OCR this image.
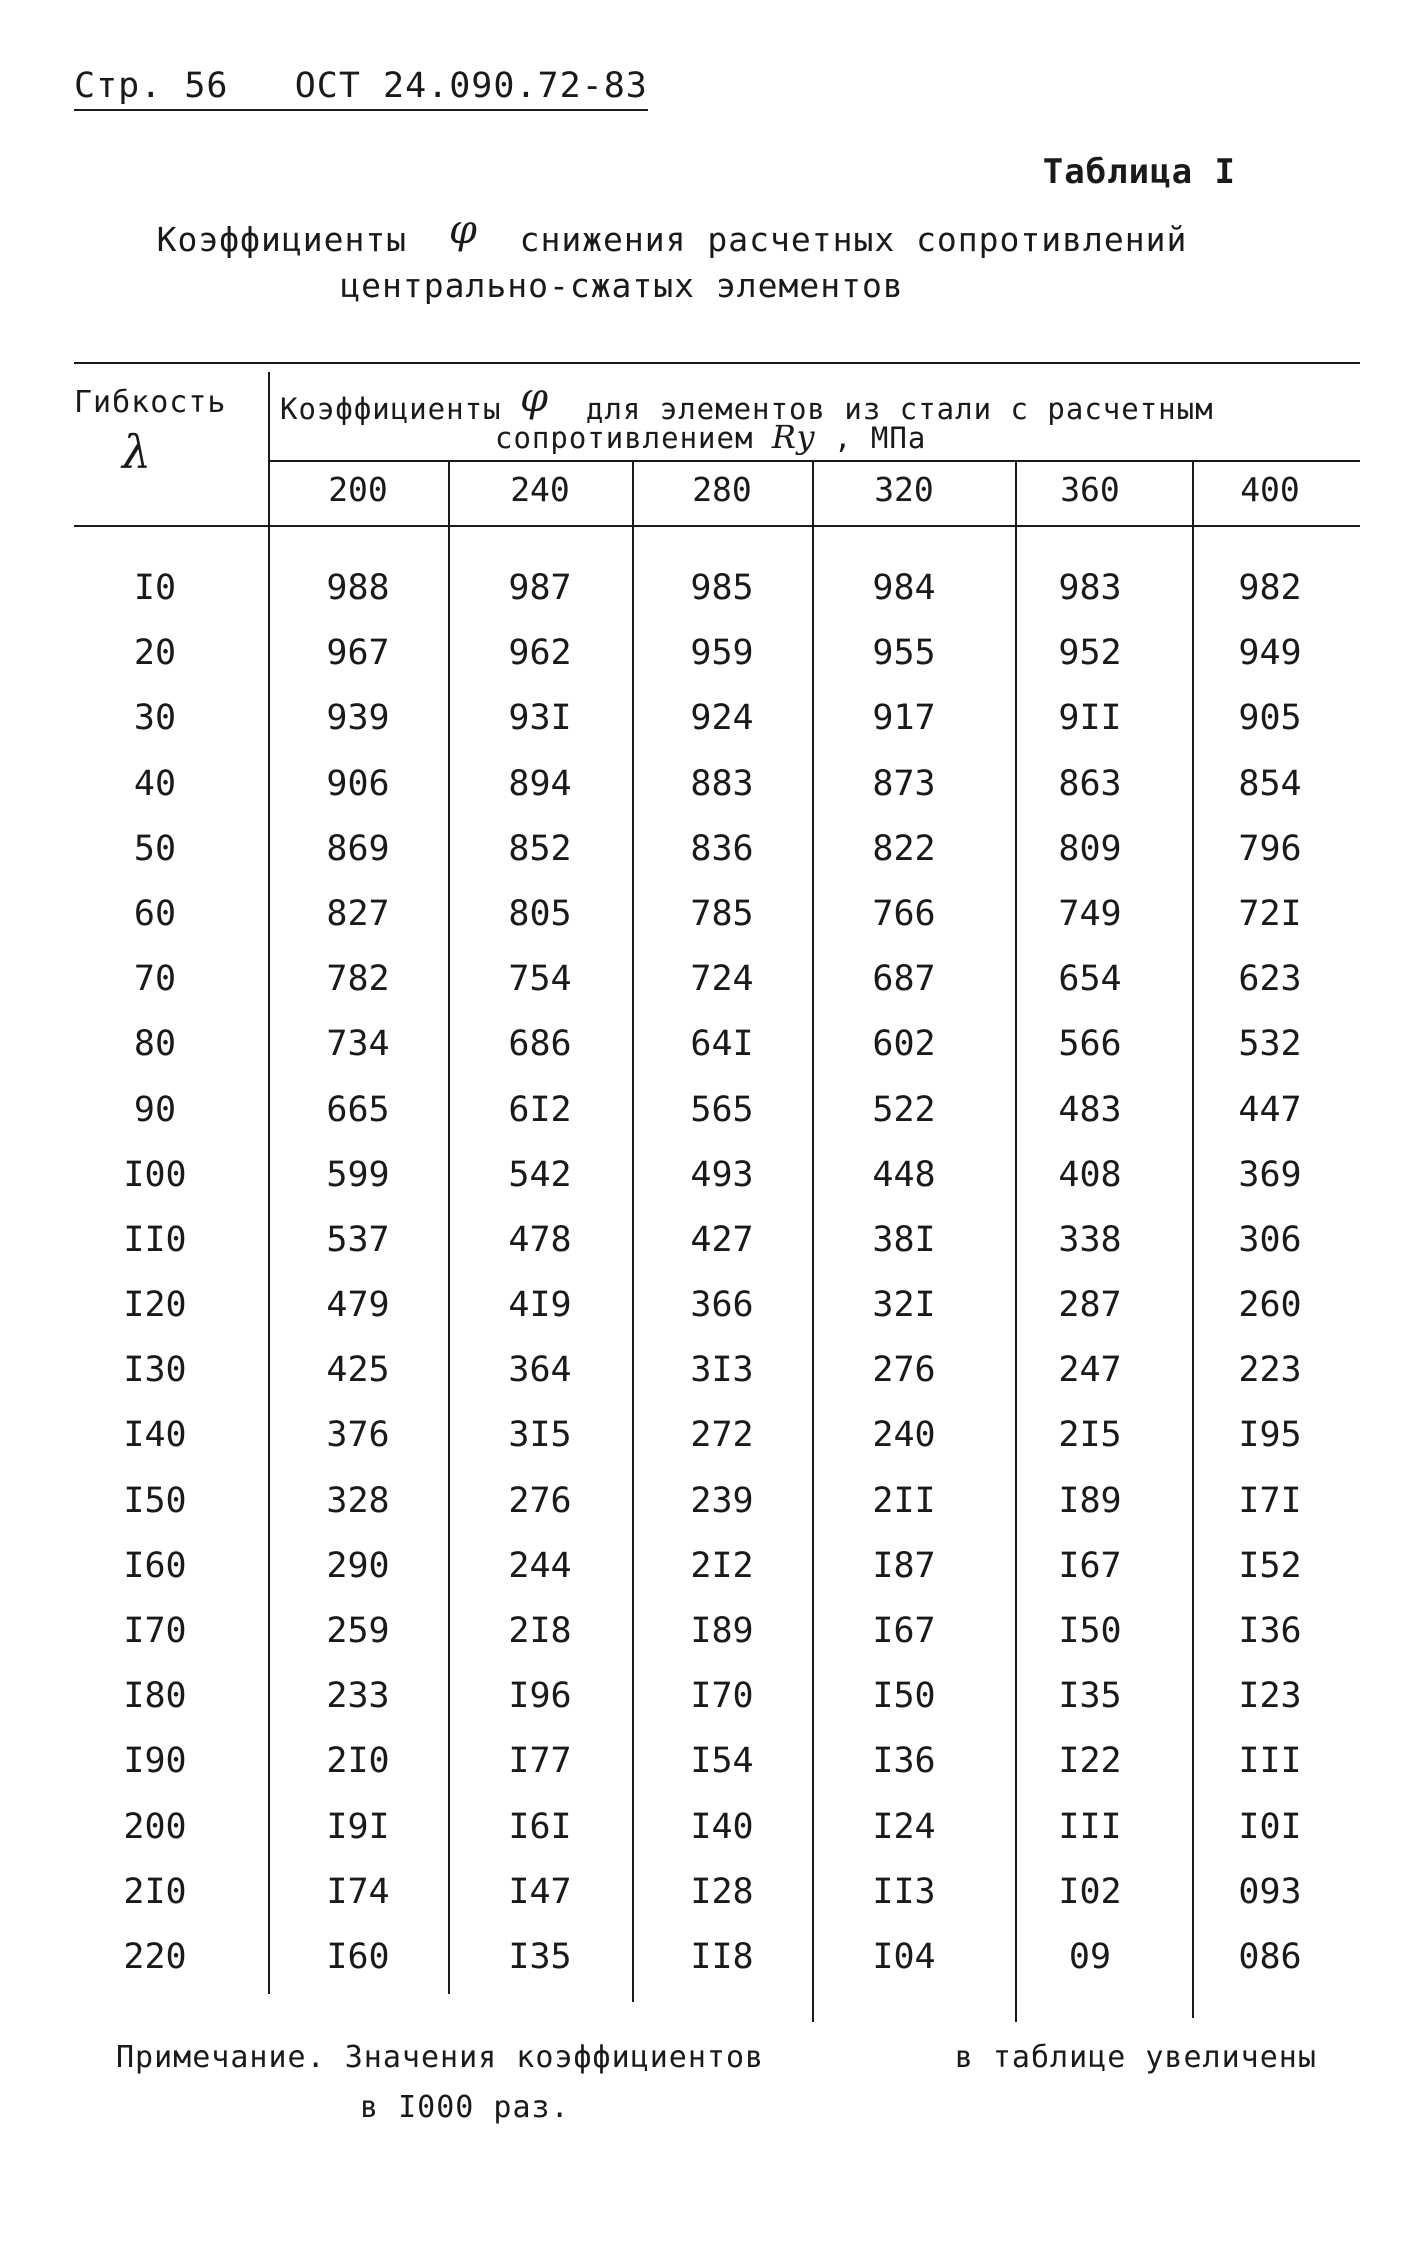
Стр. 56   ОСТ 24.090.72-83
Таблица I
Коэффициенты φ снижения расчетных сопротивлений
центрально-сжатых элементов
Гибкость
λ
Коэффициенты φ для элементов из стали с расчетным
сопротивлением Ry , МПа
200	240	280	320	360	400
I0	988	987	985	984	983	982
20	967	962	959	955	952	949
30	939	93I	924	917	9II	905
40	906	894	883	873	863	854
50	869	852	836	822	809	796
60	827	805	785	766	749	72I
70	782	754	724	687	654	623
80	734	686	64I	602	566	532
90	665	6I2	565	522	483	447
I00	599	542	493	448	408	369
II0	537	478	427	38I	338	306
I20	479	4I9	366	32I	287	260
I30	425	364	3I3	276	247	223
I40	376	3I5	272	240	2I5	I95
I50	328	276	239	2II	I89	I7I
I60	290	244	2I2	I87	I67	I52
I70	259	2I8	I89	I67	I50	I36
I80	233	I96	I70	I50	I35	I23
I90	2I0	I77	I54	I36	I22	III
200	I9I	I6I	I40	I24	III	I0I
2I0	I74	I47	I28	II3	I02	093
220	I60	I35	II8	I04	09	086
Примечание. Значения коэффициентов	в таблице увеличены
в I000 раз.
